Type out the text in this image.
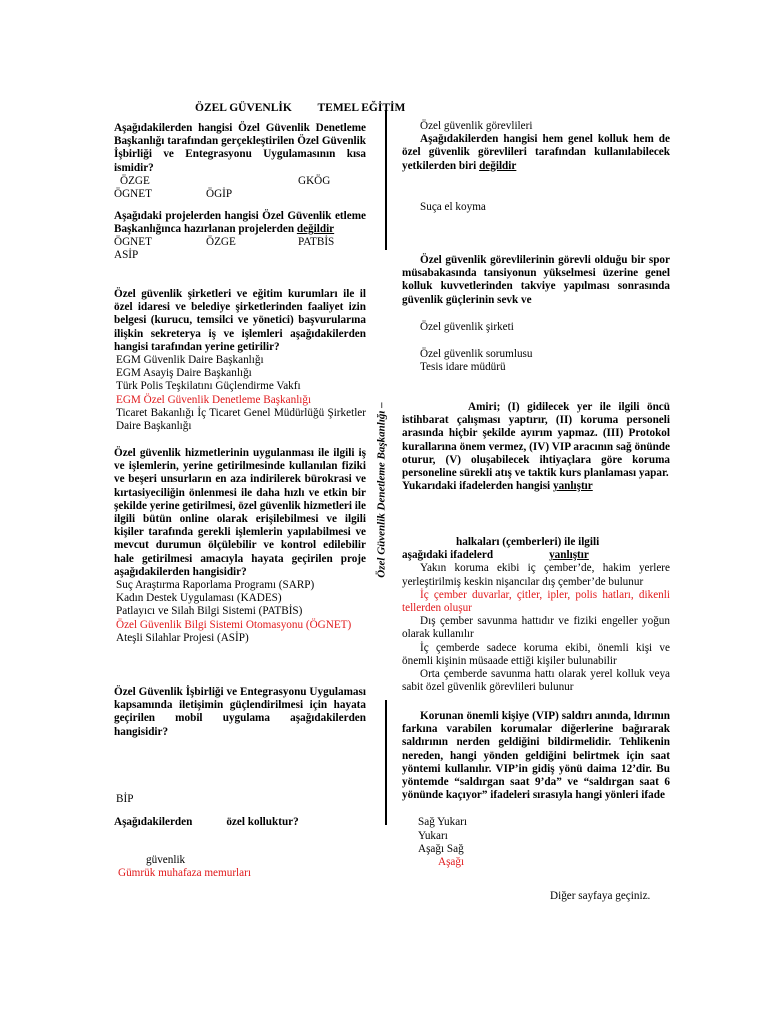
ÖZEL GÜVENLİK         TEMEL EĞİTİM

Aşağıdakilerden hangisi Özel Güvenlik Denetleme Başkanlığı tarafından gerçekleştirilen Özel Güvenlik İşbirliği ve Entegrasyonu Uygulamasının kısa ismidir?

ÖZGE	GKÖG
ÖGNET	ÖGİP

Aşağıdaki projelerden hangisi Özel Güvenlik etleme Başkanlığınca hazırlanan projelerden değildir

ÖGNET	ÖZGE	PATBİS
ASİP

Özel güvenlik şirketleri ve eğitim kurumları ile il özel idaresi ve belediye şirketlerinden faaliyet izin belgesi (kurucu, temsilci ve yönetici) başvurularına ilişkin sekreterya iş ve işlemleri aşağıdakilerden hangisi tarafından yerine getirilir?

EGM Güvenlik Daire Başkanlığı

EGM Asayiş Daire Başkanlığı

Türk Polis Teşkilatını Güçlendirme Vakfı

EGM Özel Güvenlik Denetleme Başkanlığı

Ticaret Bakanlığı İç Ticaret Genel Müdürlüğü Şirketler Daire Başkanlığı

Özel güvenlik hizmetlerinin uygulanması ile ilgili iş ve işlemlerin, yerine getirilmesinde kullanılan fiziki ve beşeri unsurların en aza indirilerek bürokrasi ve kırtasiyeciliğin önlenmesi ile daha hızlı ve etkin bir şekilde yerine getirilmesi, özel güvenlik hizmetleri ile ilgili bütün online olarak erişilebilmesi ve ilgili kişiler tarafında gerekli işlemlerin yapılabilmesi ve mevcut durumun ölçülebilir ve kontrol edilebilir hale getirilmesi amacıyla hayata geçirilen proje aşağıdakilerden hangisidir?

Suç Araştırma Raporlama Programı (SARP)

Kadın Destek Uygulaması (KADES)

Patlayıcı ve Silah Bilgi Sistemi (PATBİS)

Özel Güvenlik Bilgi Sistemi Otomasyonu (ÖGNET)

Ateşli Silahlar Projesi (ASİP)

Özel Güvenlik İşbirliği ve Entegrasyonu Uygulaması kapsamında iletişimin güçlendirilmesi için hayata geçirilen mobil uygulama aşağıdakilerden hangisidir?

BİP

Aşağıdakilerden	özel kolluktur?

güvenlik

Gümrük muhafaza memurları

Özel Güvenlik Denetleme Başkanlığı –

Özel güvenlik görevlileri

Aşağıdakilerden hangisi hem genel kolluk hem de özel güvenlik görevlileri tarafından kullanılabilecek yetkilerden biri değildir

Suça el koyma

Özel güvenlik görevlilerinin görevli olduğu bir spor müsabakasında tansiyonun yükselmesi üzerine genel kolluk kuvvetlerinden takviye yapılması sonrasında güvenlik güçlerinin sevk ve

Özel güvenlik şirketi

Özel güvenlik sorumlusu

Tesis idare müdürü

Amiri; (I) gidilecek yer ile ilgili öncü istihbarat çalışması yaptırır, (II) koruma personeli arasında hiçbir şekilde ayırım yapmaz. (III) Protokol kurallarına önem vermez, (IV) VIP aracının sağ önünde oturur, (V) oluşabilecek ihtiyaçlara göre koruma personeline sürekli atış ve taktik kurs planlaması yapar.

Yukarıdaki ifadelerden hangisi yanlıştır

halkaları (çemberleri) ile ilgili

aşağıdaki ifadelerd	yanlıştır

Yakın koruma ekibi iç çember’de, hakim yerlere yerleştirilmiş keskin nişancılar dış çember’de bulunur

İç çember duvarlar, çitler, ipler, polis hatları, dikenli tellerden oluşur

Dış çember savunma hattıdır ve fiziki engeller yoğun olarak kullanılır

İç çemberde sadece koruma ekibi, önemli kişi ve önemli kişinin müsaade ettiği kişiler bulunabilir

Orta çemberde savunma hattı olarak yerel kolluk veya sabit özel güvenlik görevlileri bulunur

Korunan önemli kişiye (VIP) saldırı anında, ldırının farkına varabilen korumalar diğerlerine bağırarak saldırının nerden geldiğini bildirmelidir. Tehlikenin nereden, hangi yönden geldiğini belirtmek için saat yöntemi kullanılır. VIP’in gidiş yönü daima 12’dir. Bu yöntemde “saldırgan saat 9’da” ve “saldırgan saat 6 yönünde kaçıyor” ifadeleri sırasıyla hangi yönleri ifade

Sağ Yukarı

Yukarı

Aşağı Sağ

Aşağı

Diğer sayfaya geçiniz.
